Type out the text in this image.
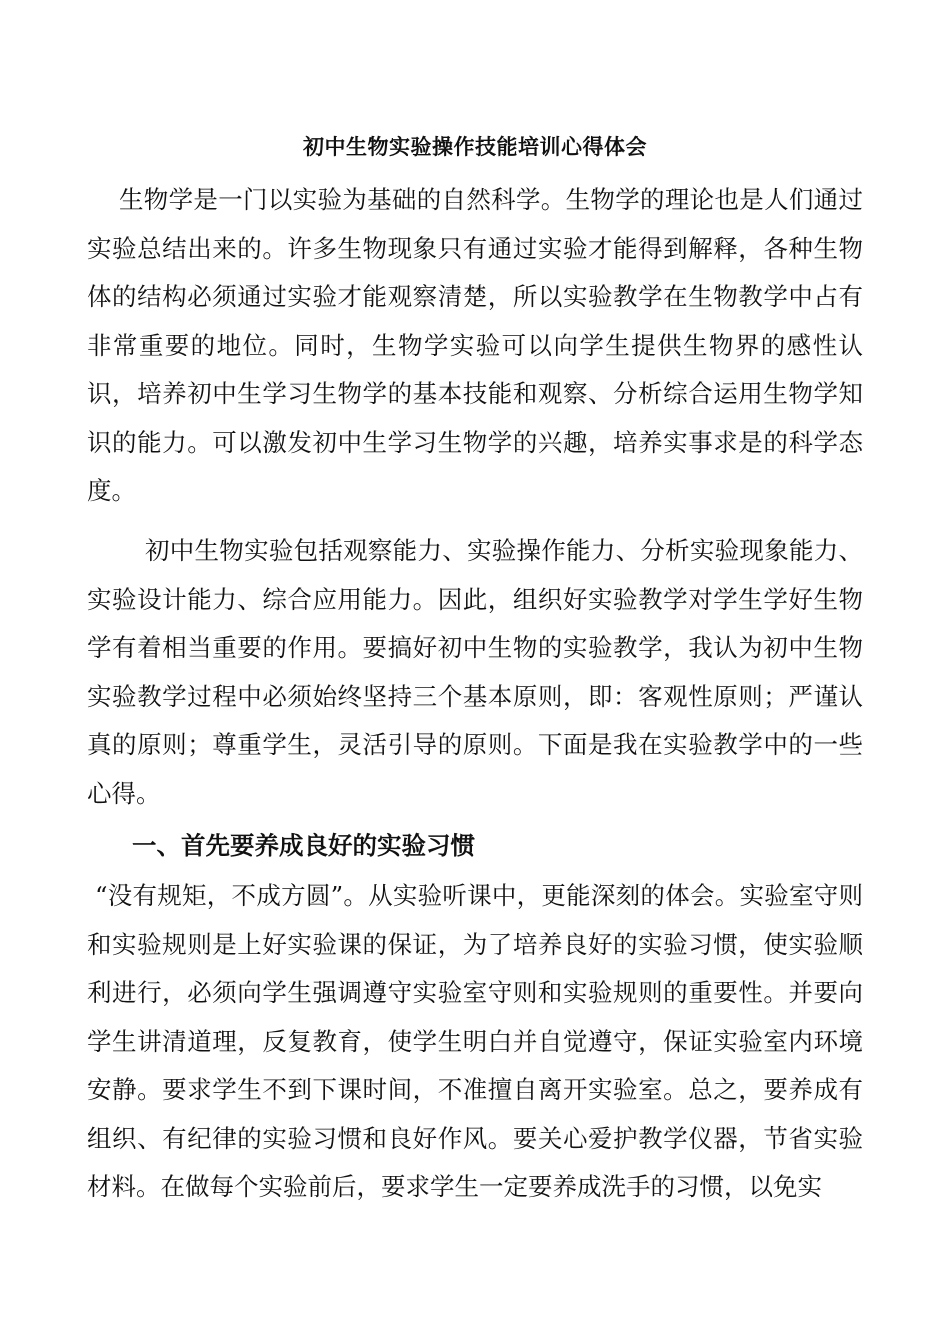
初中生物实验操作技能培训心得体会

生物学是一门以实验为基础的自然科学。生物学的理论也是人们通过实验总结出来的。许多生物现象只有通过实验才能得到解释，各种生物体的结构必须通过实验才能观察清楚，所以实验教学在生物教学中占有非常重要的地位。同时，生物学实验可以向学生提供生物界的感性认识，培养初中生学习生物学的基本技能和观察、分析综合运用生物学知识的能力。可以激发初中生学习生物学的兴趣，培养实事求是的科学态度。

初中生物实验包括观察能力、实验操作能力、分析实验现象能力、实验设计能力、综合应用能力。因此，组织好实验教学对学生学好生物学有着相当重要的作用。要搞好初中生物的实验教学，我认为初中生物实验教学过程中必须始终坚持三个基本原则，即：客观性原则；严谨认真的原则；尊重学生，灵活引导的原则。下面是我在实验教学中的一些心得。

一、首先要养成良好的实验习惯

“没有规矩，不成方圆”。从实验听课中，更能深刻的体会。实验室守则和实验规则是上好实验课的保证，为了培养良好的实验习惯，使实验顺利进行，必须向学生强调遵守实验室守则和实验规则的重要性。并要向学生讲清道理，反复教育，使学生明白并自觉遵守，保证实验室内环境安静。要求学生不到下课时间，不准擅自离开实验室。总之，要养成有组织、有纪律的实验习惯和良好作风。要关心爱护教学仪器，节省实验材料。在做每个实验前后，要求学生一定要养成洗手的习惯，以免实
